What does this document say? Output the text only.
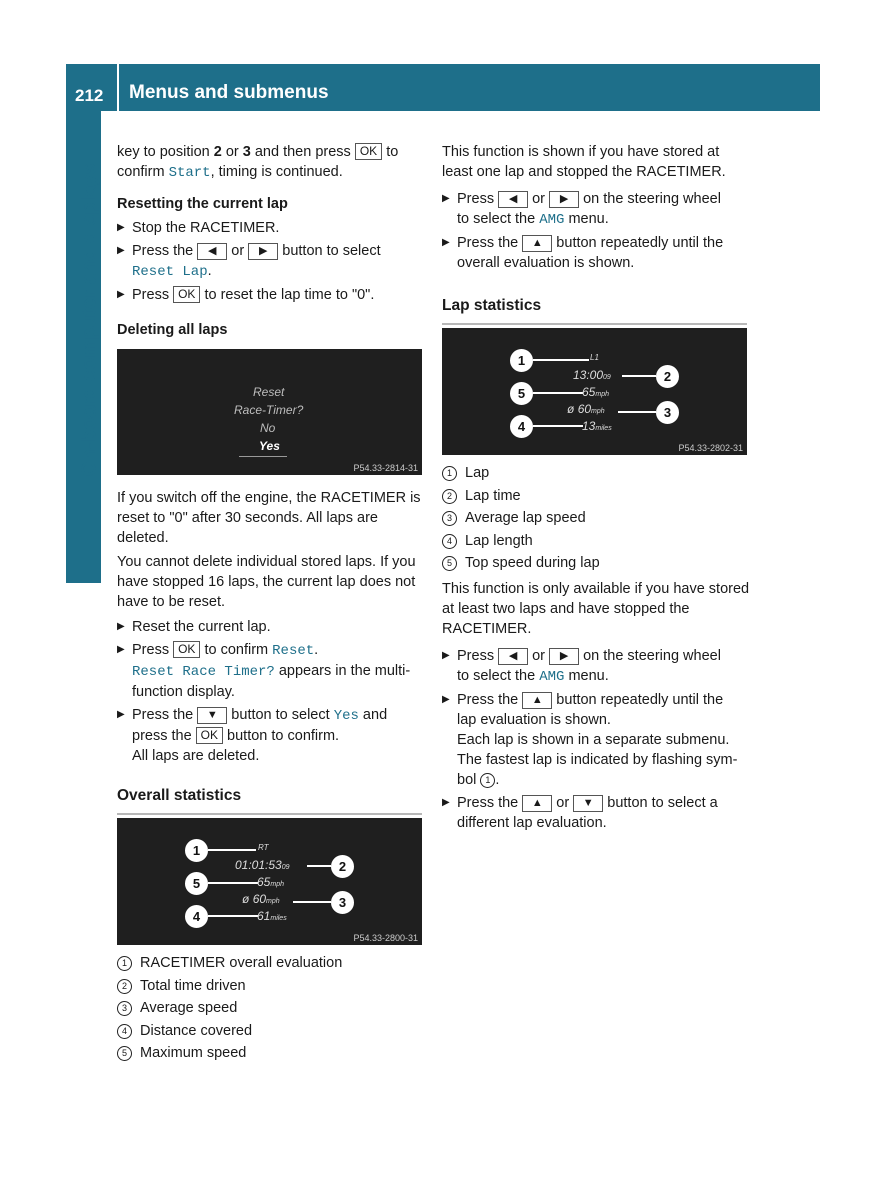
212 Menus and submenus
On-board computer and displays

key to position 2 or 3 and then press OK to
confirm Start, timing is continued.

Resetting the current lap

▶ Stop the RACETIMER.

▶ Press the ◀ or ▶ button to select
Reset Lap.

▶ Press OK to reset the lap time to "0".

Deleting all laps

Reset
Race-Timer?
No
Yes
P54.33-2814-31

If you switch off the engine, the RACETIMER is reset to "0" after 30 seconds. All laps are deleted.

You cannot delete individual stored laps. If you have stopped 16 laps, the current lap does not have to be reset.

▶ Reset the current lap.

▶ Press OK to confirm Reset.
Reset Race Timer? appears in the multi-
function display.

▶ Press the ▼ button to select Yes and
press the OK button to confirm.
All laps are deleted.

Overall statistics
1	RT
01:01:5309	2
5	65mph
ø 60mph	3
4	61miles
P54.33-2800-31

1 RACETIMER overall evaluation

2 Total time driven

3 Average speed

4 Distance covered

5 Maximum speed

This function is shown if you have stored at
least one lap and stopped the RACETIMER.

▶ Press ◀ or ▶ on the steering wheel
to select the AMG menu.

▶ Press the ▲ button repeatedly until the
overall evaluation is shown.

Lap statistics
1	L1
13:0009	2
5	65mph
ø 60mph	3
4	13miles
P54.33-2802-31

1 Lap

2 Lap time

3 Average lap speed

4 Lap length

5 Top speed during lap

This function is only available if you have stored at least two laps and have stopped the RACETIMER.

▶ Press ◀ or ▶ on the steering wheel
to select the AMG menu.

▶ Press the ▲ button repeatedly until the
lap evaluation is shown.
Each lap is shown in a separate submenu.
The fastest lap is indicated by flashing sym-
bol 1 .

▶ Press the ▲ or ▼ button to select a
different lap evaluation.
